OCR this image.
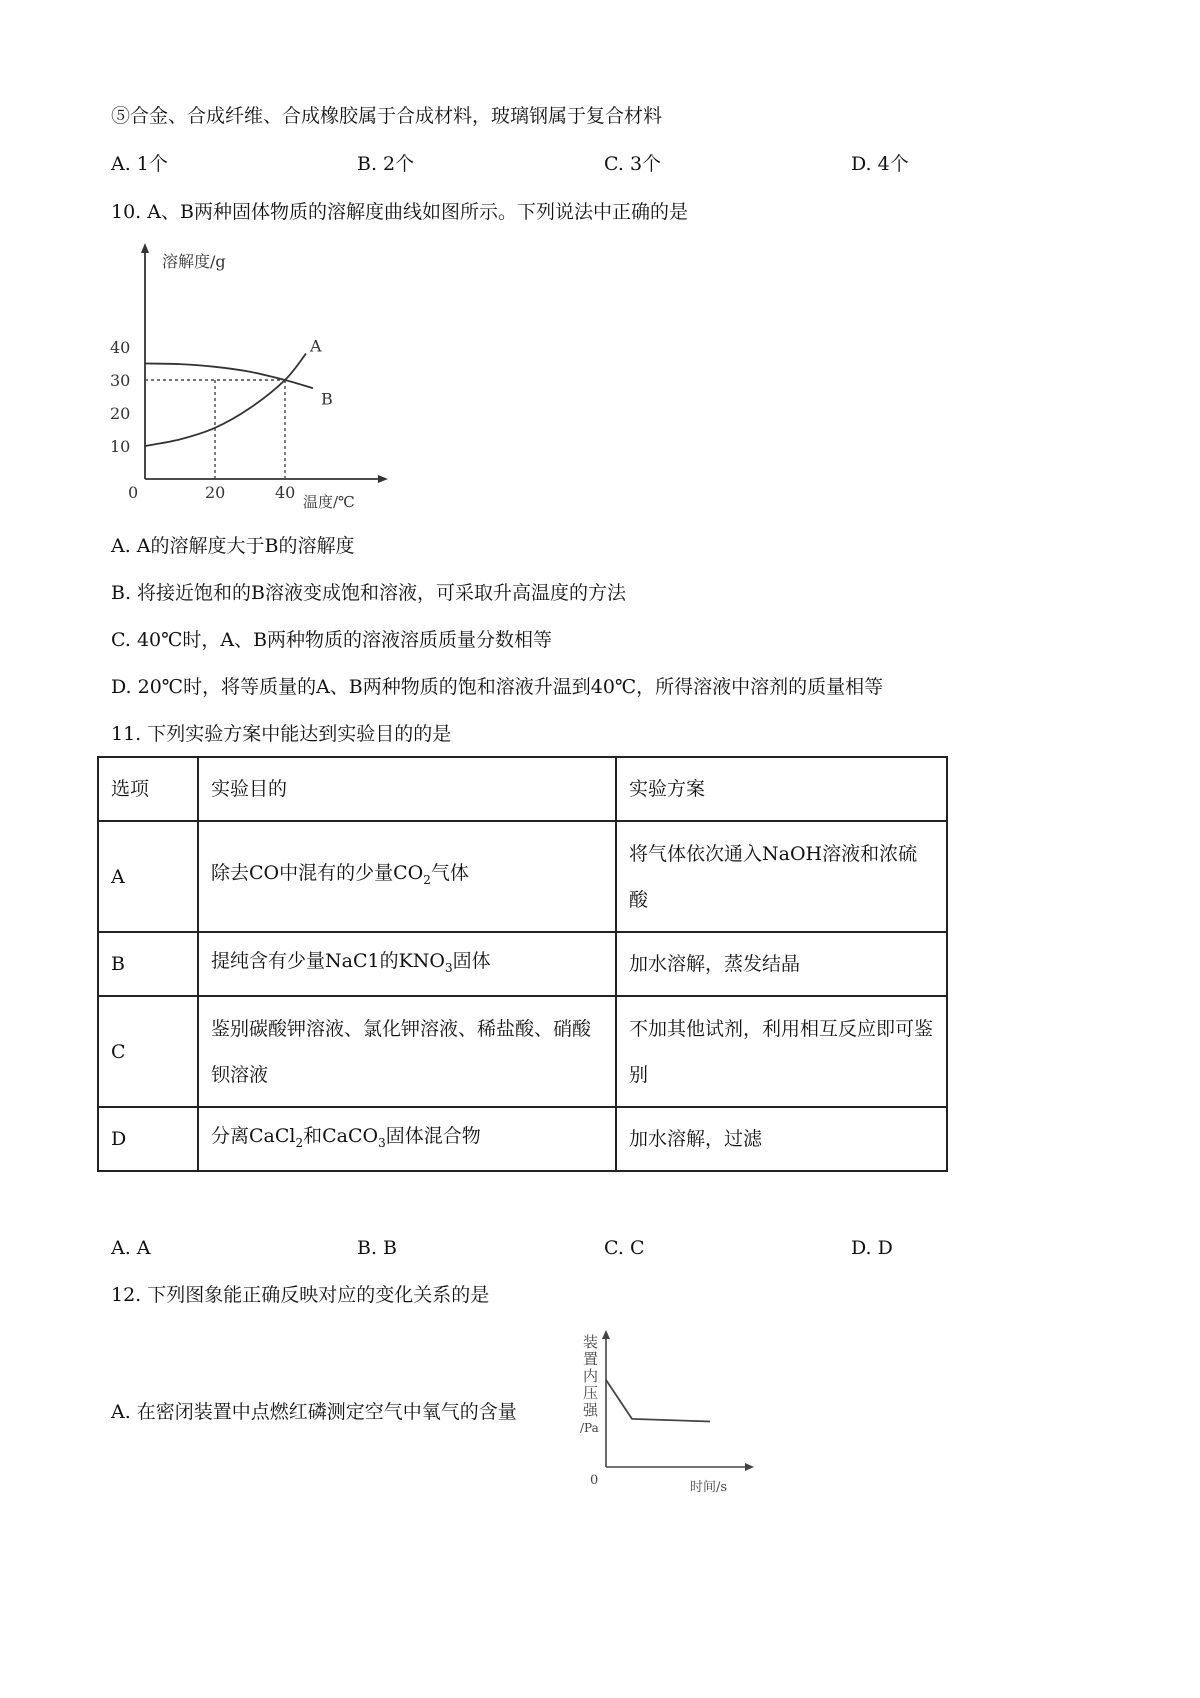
⑤合金、合成纤维、合成橡胶属于合成材料，玻璃钢属于复合材料
A. 1个	B. 2个	C. 3个	D. 4个
10. A、B两种固体物质的溶解度曲线如图所示。下列说法中正确的是
溶解度/g
温度/℃
0	20	40
10
20
30
40	A
B
A. A的溶解度大于B的溶解度
B. 将接近饱和的B溶液变成饱和溶液，可采取升高温度的方法
C. 40℃时，A、B两种物质的溶液溶质质量分数相等
D. 20℃时，将等质量的A、B两种物质的饱和溶液升温到40℃，所得溶液中溶剂的质量相等
11. 下列实验方案中能达到实验目的的是
选项	实验目的	实验方案
A	除去CO中混有的少量$CO_2$气体	将气体依次通入NaOH溶液和浓硫酸
B	提纯含有少量NaC1的$KNO_3$固体	加水溶解，蒸发结晶
C	鉴别碳酸钾溶液、氯化钾溶液、稀盐酸、硝酸钡溶液	不加其他试剂，利用相互反应即可鉴别
D	分离CaCl$_2$和CaCO$_3$固体混合物	加水溶解，过滤
A. A	B. B	C. C	D. D
12. 下列图象能正确反映对应的变化关系的是
A. 在密闭装置中点燃红磷测定空气中氧气的含量
装置内压强/Pa
时间/s
0
